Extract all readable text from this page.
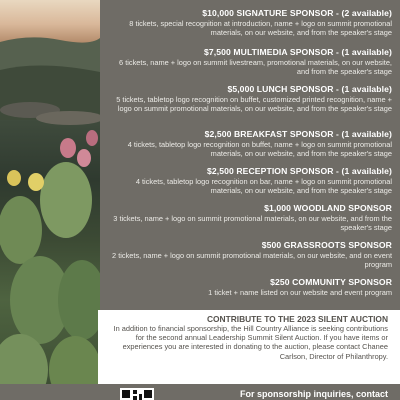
$10,000 SIGNATURE SPONSOR - (2 available)
8 tickets, special recognition at introduction, name + logo on summit promotional materials, on our website, and from the speaker's stage
$7,500 MULTIMEDIA SPONSOR - (1 available)
6 tickets, name + logo on summit livestream, promotional materials, on our website, and from the speaker's stage
$5,000 LUNCH SPONSOR - (1 available)
5 tickets, tabletop logo recognition on buffet, customized printed recognition, name + logo on summit promotional materials, on our website, and from the speaker's stage
$2,500 BREAKFAST SPONSOR - (1 available)
4 tickets, tabletop logo recognition on buffet, name + logo on summit promotional materials, on our website, and from the speaker's stage
$2,500 RECEPTION SPONSOR - (1 available)
4 tickets, tabletop logo recognition on bar, name + logo on summit promotional materials, on our website, and from the speaker's stage
$1,000 WOODLAND SPONSOR
3 tickets, name + logo on summit promotional materials, on our website, and from the speaker's stage
$500 GRASSROOTS SPONSOR
2 tickets, name + logo on summit promotional materials, on our website, and on event program
$250 COMMUNITY SPONSOR
1 ticket + name listed on our website and event program
CONTRIBUTE TO THE 2023 SILENT AUCTION
In addition to financial sponsorship, the Hill Country Alliance is seeking contributions for the second annual Leadership Summit Silent Auction. If you have items or experiences you are interested in donating to the auction, please contact Chanee Carlson, Director of Philanthropy.
For sponsorship inquiries, contact
